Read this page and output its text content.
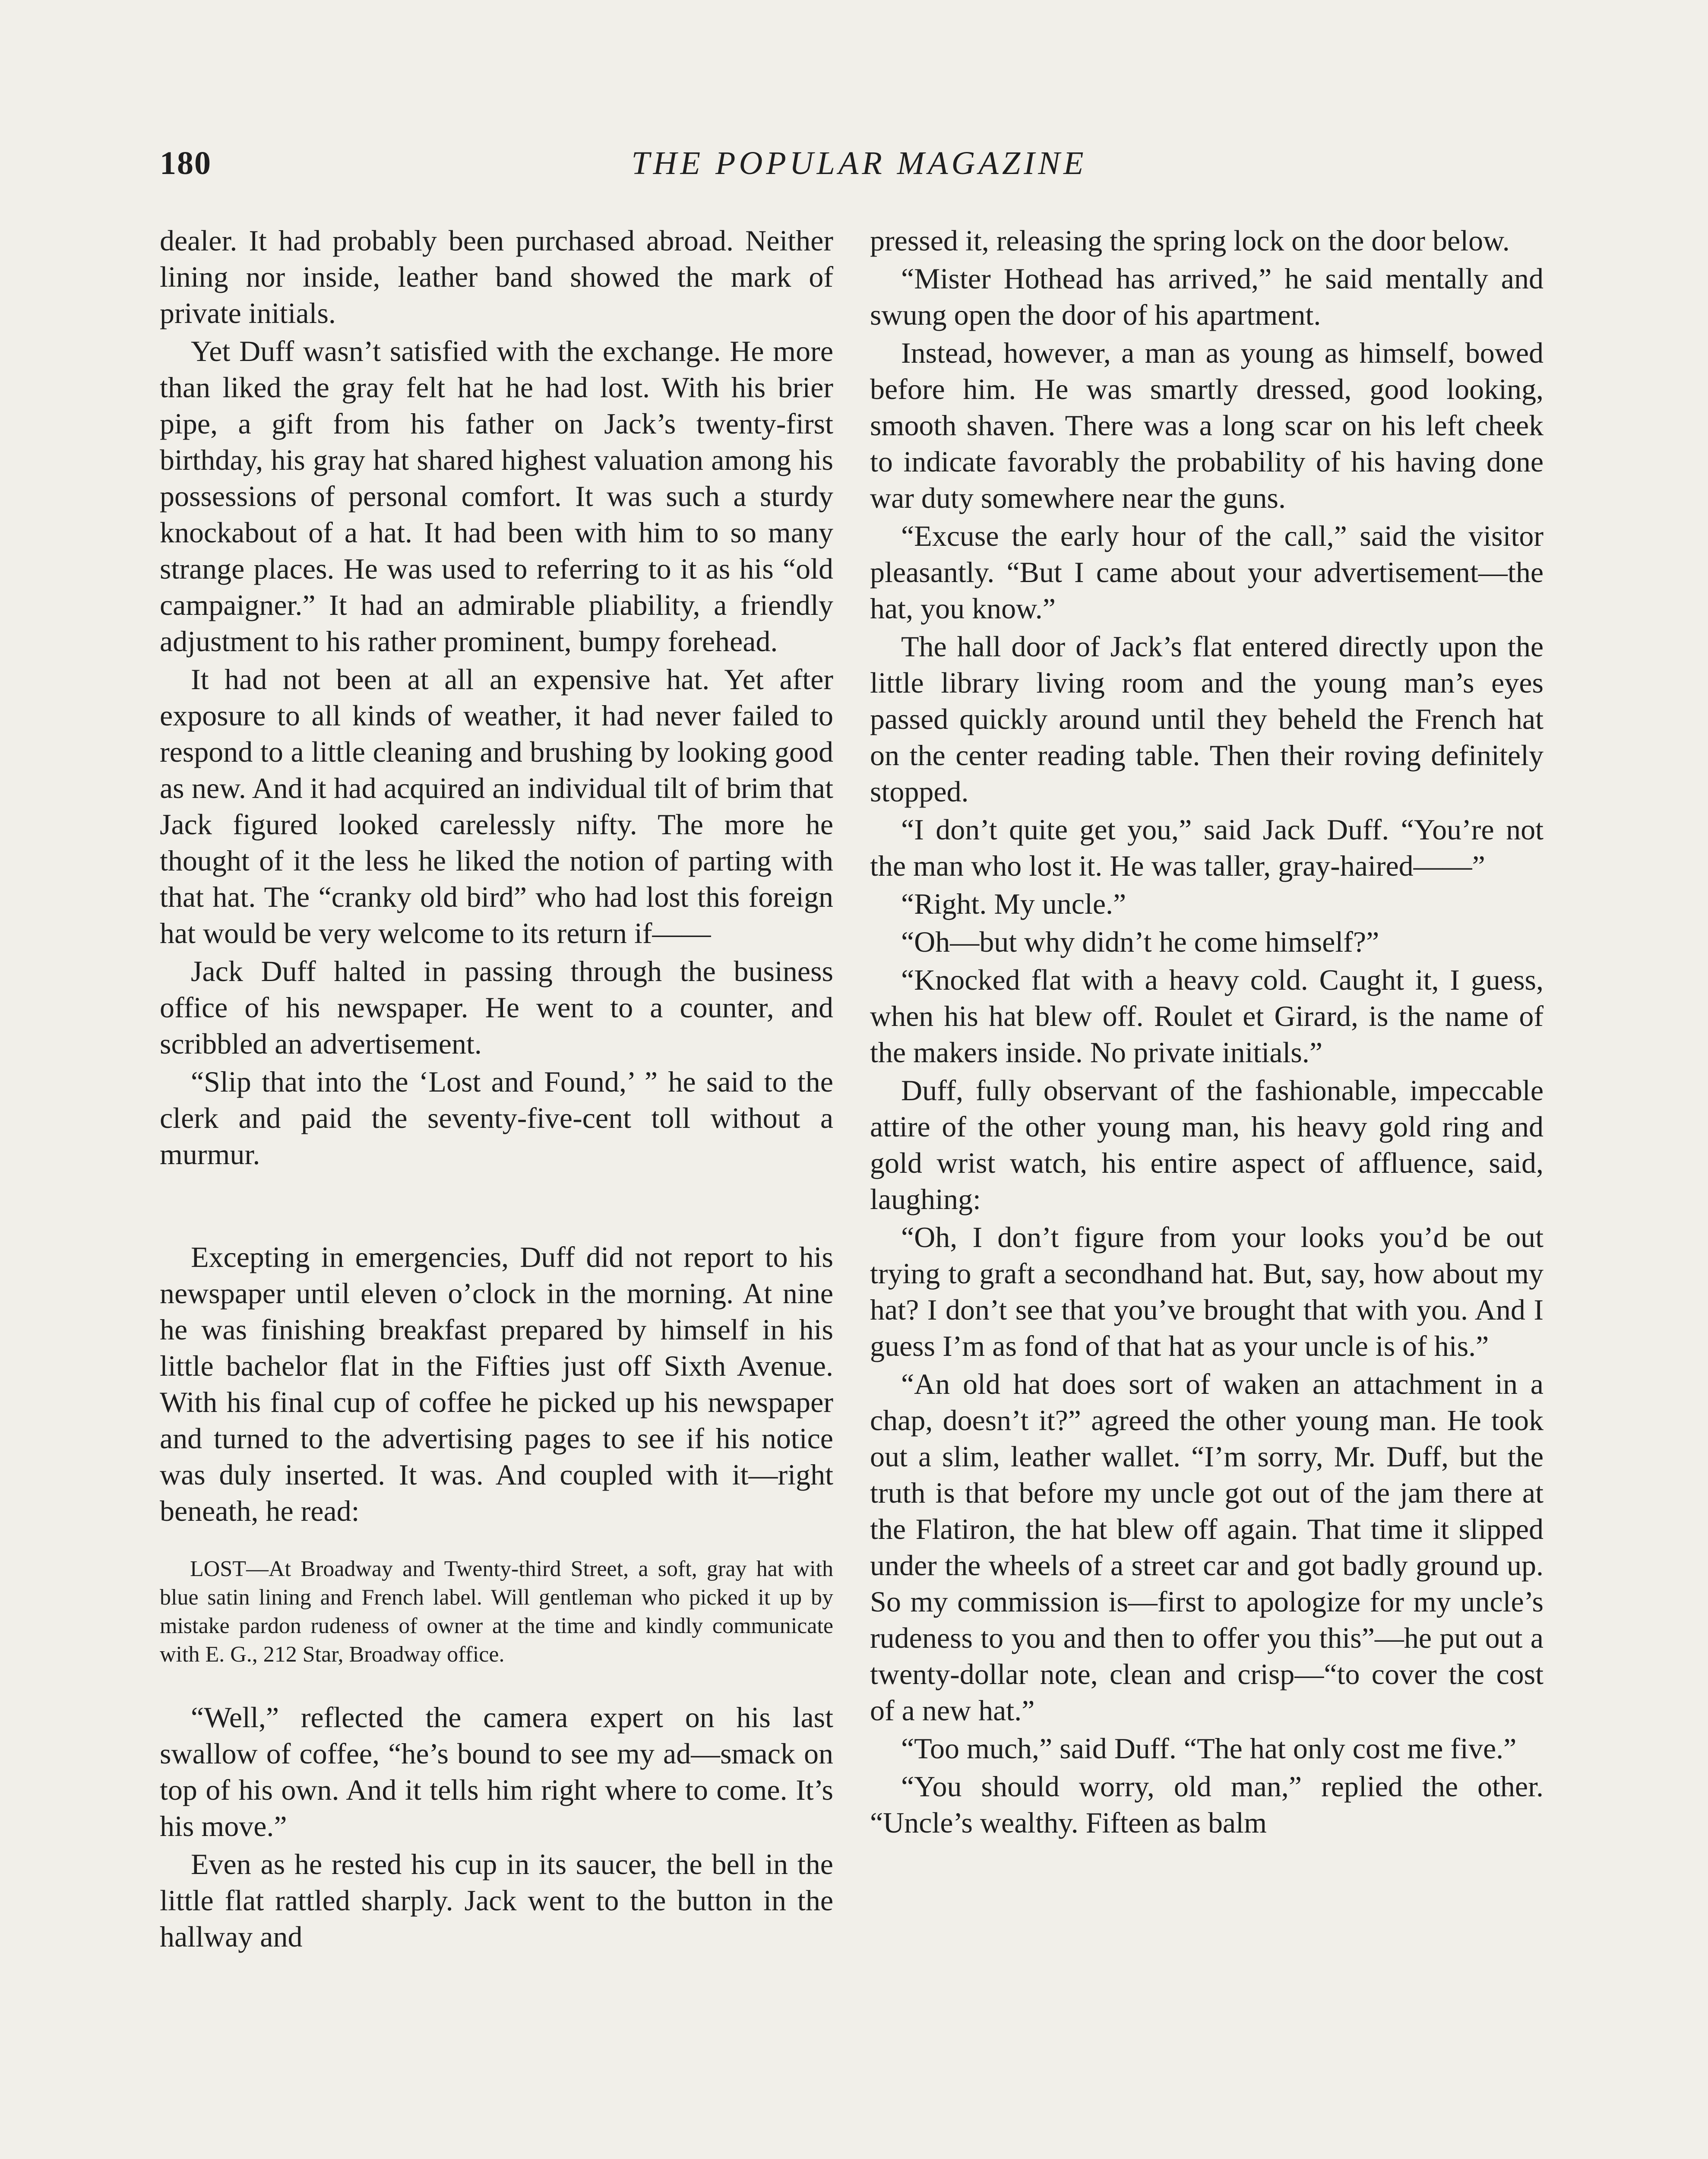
180	THE POPULAR MAGAZINE

dealer. It had probably been purchased abroad. Neither lining nor inside, leather band showed the mark of private initials.

Yet Duff wasn’t satisfied with the exchange. He more than liked the gray felt hat he had lost. With his brier pipe, a gift from his father on Jack’s twenty-first birthday, his gray hat shared highest valuation among his possessions of personal comfort. It was such a sturdy knockabout of a hat. It had been with him to so many strange places. He was used to referring to it as his “old campaigner.” It had an admirable pliability, a friendly adjustment to his rather prominent, bumpy forehead.

It had not been at all an expensive hat. Yet after exposure to all kinds of weather, it had never failed to respond to a little cleaning and brushing by looking good as new. And it had acquired an individual tilt of brim that Jack figured looked carelessly nifty. The more he thought of it the less he liked the notion of parting with that hat. The “cranky old bird” who had lost this foreign hat would be very welcome to its return if——

Jack Duff halted in passing through the business office of his newspaper. He went to a counter, and scribbled an advertisement.

“Slip that into the ‘Lost and Found,’ ” he said to the clerk and paid the seventy-five-cent toll without a murmur.

Excepting in emergencies, Duff did not report to his newspaper until eleven o’clock in the morning. At nine he was finishing breakfast prepared by himself in his little bachelor flat in the Fifties just off Sixth Avenue. With his final cup of coffee he picked up his newspaper and turned to the advertising pages to see if his notice was duly inserted. It was. And coupled with it—right beneath, he read:

LOST—At Broadway and Twenty-third Street, a soft, gray hat with blue satin lining and French label. Will gentleman who picked it up by mistake pardon rudeness of owner at the time and kindly communicate with E. G., 212 Star, Broadway office.

“Well,” reflected the camera expert on his last swallow of coffee, “he’s bound to see my ad—smack on top of his own. And it tells him right where to come. It’s his move.”

Even as he rested his cup in its saucer, the bell in the little flat rattled sharply. Jack went to the button in the hallway and

pressed it, releasing the spring lock on the door below.

“Mister Hothead has arrived,” he said mentally and swung open the door of his apartment.

Instead, however, a man as young as himself, bowed before him. He was smartly dressed, good looking, smooth shaven. There was a long scar on his left cheek to indicate favorably the probability of his having done war duty somewhere near the guns.

“Excuse the early hour of the call,” said the visitor pleasantly. “But I came about your advertisement—the hat, you know.”

The hall door of Jack’s flat entered directly upon the little library living room and the young man’s eyes passed quickly around until they beheld the French hat on the center reading table. Then their roving definitely stopped.

“I don’t quite get you,” said Jack Duff. “You’re not the man who lost it. He was taller, gray-haired——”

“Right. My uncle.”

“Oh—but why didn’t he come himself?”

“Knocked flat with a heavy cold. Caught it, I guess, when his hat blew off. Roulet et Girard, is the name of the makers inside. No private initials.”

Duff, fully observant of the fashionable, impeccable attire of the other young man, his heavy gold ring and gold wrist watch, his entire aspect of affluence, said, laughing:

“Oh, I don’t figure from your looks you’d be out trying to graft a secondhand hat. But, say, how about my hat? I don’t see that you’ve brought that with you. And I guess I’m as fond of that hat as your uncle is of his.”

“An old hat does sort of waken an attachment in a chap, doesn’t it?” agreed the other young man. He took out a slim, leather wallet. “I’m sorry, Mr. Duff, but the truth is that before my uncle got out of the jam there at the Flatiron, the hat blew off again. That time it slipped under the wheels of a street car and got badly ground up. So my commission is—first to apologize for my uncle’s rudeness to you and then to offer you this”—he put out a twenty-dollar note, clean and crisp—“to cover the cost of a new hat.”

“Too much,” said Duff. “The hat only cost me five.”

“You should worry, old man,” replied the other. “Uncle’s wealthy. Fifteen as balm
